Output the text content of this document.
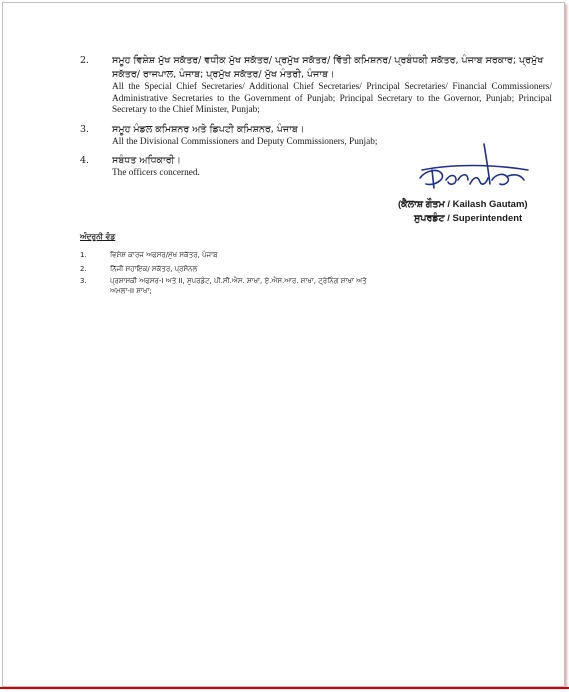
2.	ਸਮੂਹ ਵਿਸ਼ੇਸ਼ ਮੁੱਖ ਸਕੱਤਰ/ ਵਧੀਕ ਮੁੱਖ ਸਕੱਤਰ/ ਪ੍ਰਮੁੱਖ ਸਕੱਤਰ/ ਵਿੱਤੀ ਕਮਿਸ਼ਨਰ/ ਪ੍ਰਬੰਧਕੀ ਸਕੱਤਰ, ਪੰਜਾਬ ਸਰਕਾਰ; ਪ੍ਰਮੁੱਖ ਸਕੱਤਰ/ ਰਾਜਪਾਲ, ਪੰਜਾਬ; ਪ੍ਰਮੁੱਖ ਸਕੱਤਰ/ ਮੁੱਖ ਮੰਤਰੀ, ਪੰਜਾਬ।
All the Special Chief Secretaries/ Additional Chief Secretaries/ Principal Secretaries/ Financial Commissioners/ Administrative Secretaries to the Government of Punjab; Principal Secretary to the Governor, Punjab; Principal Secretary to the Chief Minister, Punjab;
3.	ਸਮੂਹ ਮੰਡਲ ਕਮਿਸ਼ਨਰ ਅਤੇ ਡਿਪਟੀ ਕਮਿਸ਼ਨਰ, ਪੰਜਾਬ।
All the Divisional Commissioners and Deputy Commissioners, Punjab;
4.	ਸਬੰਧਤ ਅਧਿਕਾਰੀ।
The officers concerned.
(ਕੈਲਾਸ਼ ਗੌਤਮ / Kailash Gautam)
ਸੁਪਰਡੰਟ / Superintendent
ਅੰਦਰੂਨੀ ਵੰਡ
1.	ਵਿਸ਼ੇਸ਼ ਕਾਰਜ ਅਫਸਰ/ਮੁੱਖ ਸਕੱਤਰ, ਪੰਜਾਬ
2.	ਨਿੱਜੀ ਸਹਾਇਕ/ ਸਕੱਤਰ, ਪ੍ਰਸੋਨਲ
3.	ਪ੍ਰਸ਼ਾਸਕੀ ਅਫਸਰ-I ਅਤੇ II, ਸੁਪਰਡੰਟ, ਪੀ.ਸੀ.ਐਸ. ਸ਼ਾਖਾ, ਏ.ਐਸ.ਆਰ. ਸ਼ਾਖਾ, ਟ੍ਰੇਨਿੰਗ ਸ਼ਾਖਾ ਅਤੇ ਅਮਲਾ-II ਸ਼ਾਖਾ;
